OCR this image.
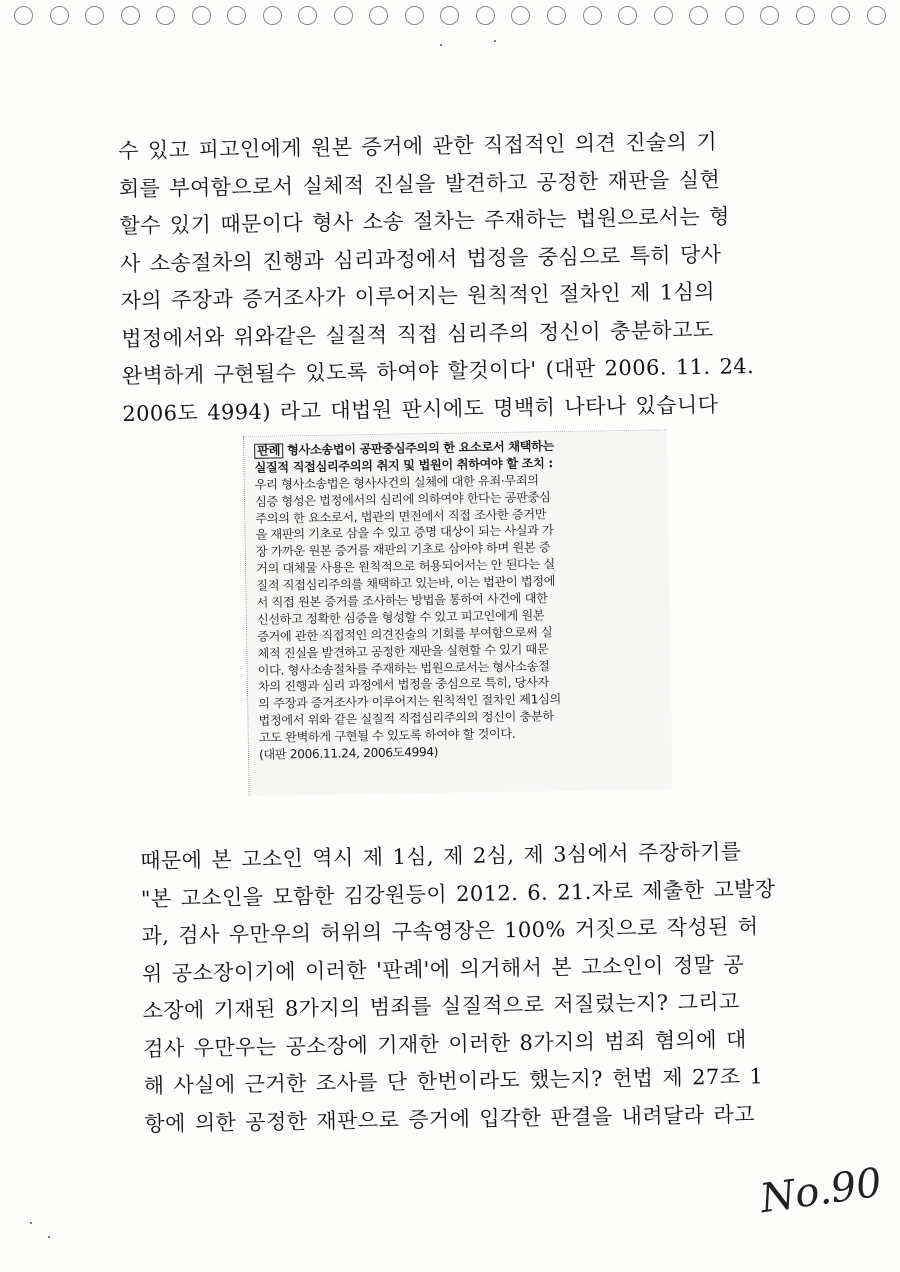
수 있고 피고인에게 원본 증거에 관한 직접적인 의견 진술의 기
회를 부여함으로서 실체적 진실을 발견하고 공정한 재판을 실현
할수 있기 때문이다 형사 소송 절차는 주재하는 법원으로서는 형
사 소송절차의 진행과 심리과정에서 법정을 중심으로 특히 당사
자의 주장과 증거조사가 이루어지는 원칙적인 절차인 제 1심의
법정에서와 위와같은 실질적 직접 심리주의 정신이 충분하고도
완벽하게 구현될수 있도록 하여야 할것이다' (대판 2006. 11. 24.
2006도 4994) 라고 대법원 판시에도 명백히 나타나 있습니다
판례 형사소송법이 공판중심주의의 한 요소로서 채택하는
실질적 직접심리주의의 취지 및 법원이 취하여야 할 조치 :
우리 형사소송법은 형사사건의 실체에 대한 유죄·무죄의
심증 형성은 법정에서의 심리에 의하여야 한다는 공판중심
주의의 한 요소로서, 법관의 면전에서 직접 조사한 증거만
을 재판의 기초로 삼을 수 있고 증명 대상이 되는 사실과 가
장 가까운 원본 증거를 재판의 기초로 삼아야 하며 원본 증
거의 대체물 사용은 원칙적으로 허용되어서는 안 된다는 실
질적 직접심리주의를 채택하고 있는바, 이는 법관이 법정에
서 직접 원본 증거를 조사하는 방법을 통하여 사건에 대한
신선하고 정확한 심증을 형성할 수 있고 피고인에게 원본
증거에 관한 직접적인 의견진술의 기회를 부여함으로써 실
체적 진실을 발견하고 공정한 재판을 실현할 수 있기 때문
이다. 형사소송절차를 주재하는 법원으로서는 형사소송절
차의 진행과 심리 과정에서 법정을 중심으로 특히, 당사자
의 주장과 증거조사가 이루어지는 원칙적인 절차인 제1심의
법정에서 위와 같은 실질적 직접심리주의의 정신이 충분하
고도 완벽하게 구현될 수 있도록 하여야 할 것이다.
(대판 2006.11.24, 2006도4994)
때문에 본 고소인 역시 제 1심, 제 2심, 제 3심에서 주장하기를
"본 고소인을 모함한 김강원등이 2012. 6. 21.자로 제출한 고발장
과, 검사 우만우의 허위의 구속영장은 100% 거짓으로 작성된 허
위 공소장이기에 이러한 '판례'에 의거해서 본 고소인이 정말 공
소장에 기재된 8가지의 범죄를 실질적으로 저질렀는지? 그리고
검사 우만우는 공소장에 기재한 이러한 8가지의 범죄 혐의에 대
해 사실에 근거한 조사를 단 한번이라도 했는지? 헌법 제 27조 1
항에 의한 공정한 재판으로 증거에 입각한 판결을 내려달라 라고
No.90
